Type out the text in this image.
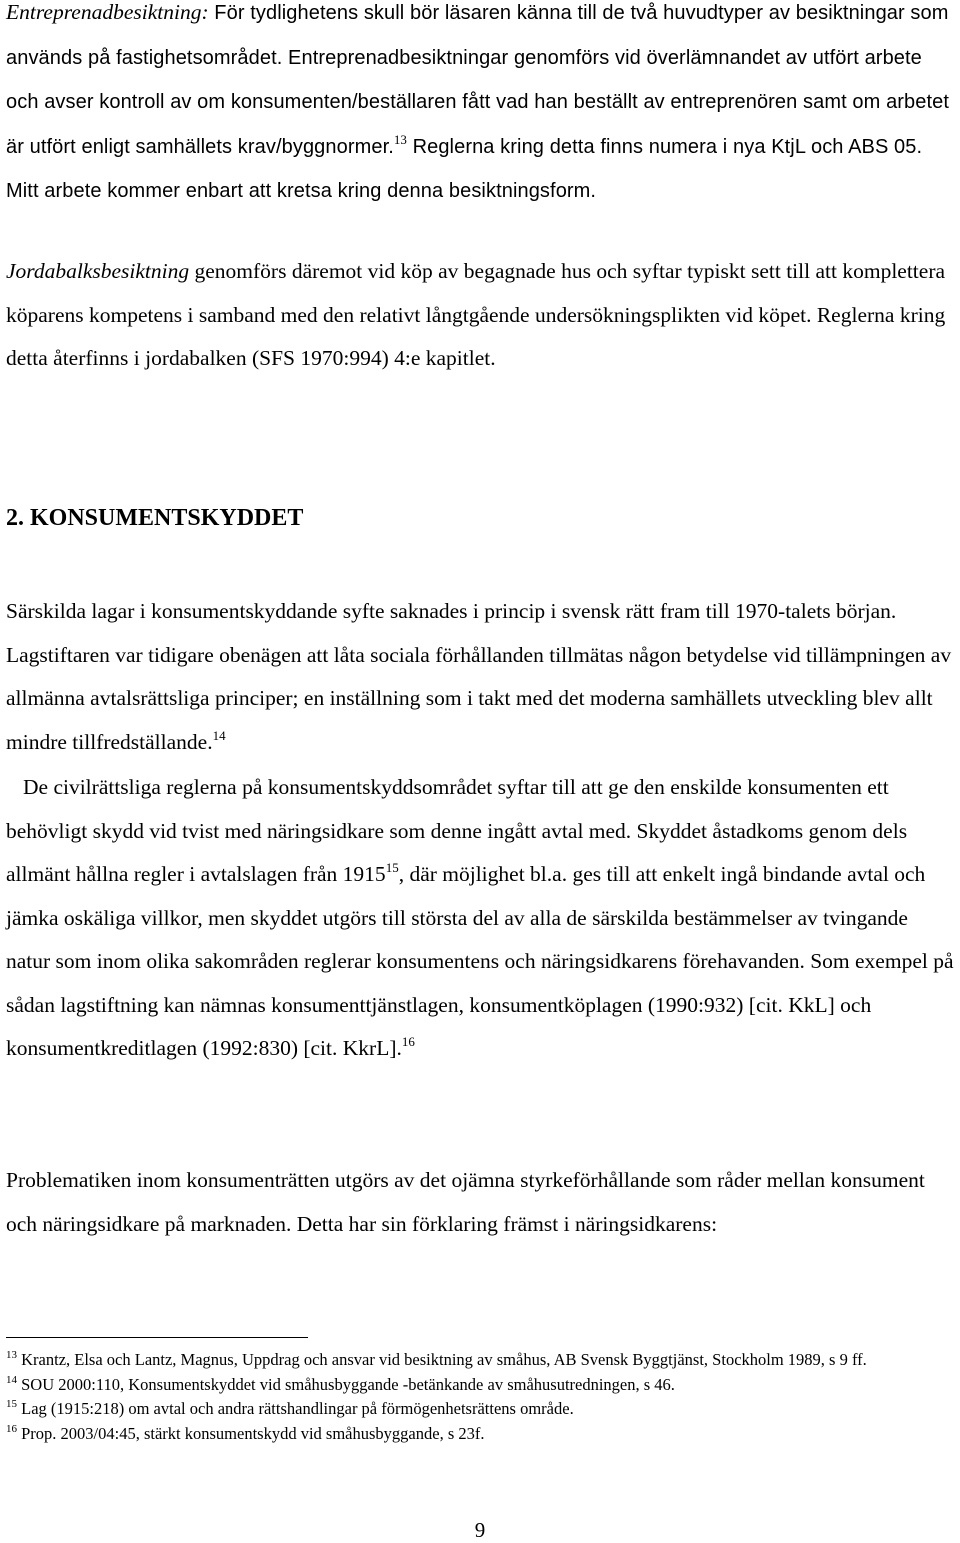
Entreprenadbesiktning: För tydlighetens skull bör läsaren känna till de två huvudtyper av besiktningar som används på fastighetsområdet. Entreprenadbesiktningar genomförs vid överlämnandet av utfört arbete och avser kontroll av om konsumenten/beställaren fått vad han beställt av entreprenören samt om arbetet är utfört enligt samhällets krav/byggnormer.$^{13}$ Reglerna kring detta finns numera i nya KtjL och ABS 05. Mitt arbete kommer enbart att kretsa kring denna besiktningsform.

Jordabalksbesiktning genomförs däremot vid köp av begagnade hus och syftar typiskt sett till att komplettera köparens kompetens i samband med den relativt långtgående undersökningsplikten vid köpet. Reglerna kring detta återfinns i jordabalken (SFS 1970:994) 4:e kapitlet.

2. KONSUMENTSKYDDET

Särskilda lagar i konsumentskyddande syfte saknades i princip i svensk rätt fram till 1970-talets början. Lagstiftaren var tidigare obenägen att låta sociala förhållanden tillmätas någon betydelse vid tillämpningen av allmänna avtalsrättsliga principer; en inställning som i takt med det moderna samhällets utveckling blev allt mindre tillfredställande.$^{14}$

De civilrättsliga reglerna på konsumentskyddsområdet syftar till att ge den enskilde konsumenten ett behövligt skydd vid tvist med näringsidkare som denne ingått avtal med. Skyddet åstadkoms genom dels allmänt hållna regler i avtalslagen från 1915$^{15}$, där möjlighet bl.a. ges till att enkelt ingå bindande avtal och jämka oskäliga villkor, men skyddet utgörs till största del av alla de särskilda bestämmelser av tvingande natur som inom olika sakområden reglerar konsumentens och näringsidkarens förehavanden. Som exempel på sådan lagstiftning kan nämnas konsumenttjänstlagen, konsumentköplagen (1990:932) [cit. KkL] och konsumentkreditlagen (1992:830) [cit. KkrL].$^{16}$

Problematiken inom konsumenträtten utgörs av det ojämna styrkeförhållande som råder mellan konsument och näringsidkare på marknaden. Detta har sin förklaring främst i näringsidkarens:

$^{13}$ Krantz, Elsa och Lantz, Magnus, Uppdrag och ansvar vid besiktning av småhus, AB Svensk Byggtjänst, Stockholm 1989, s 9 ff.

$^{14}$ SOU 2000:110, Konsumentskyddet vid småhusbyggande -betänkande av småhusutredningen, s 46.

$^{15}$ Lag (1915:218) om avtal och andra rättshandlingar på förmögenhetsrättens område.

$^{16}$ Prop. 2003/04:45, stärkt konsumentskydd vid småhusbyggande, s 23f.

9
